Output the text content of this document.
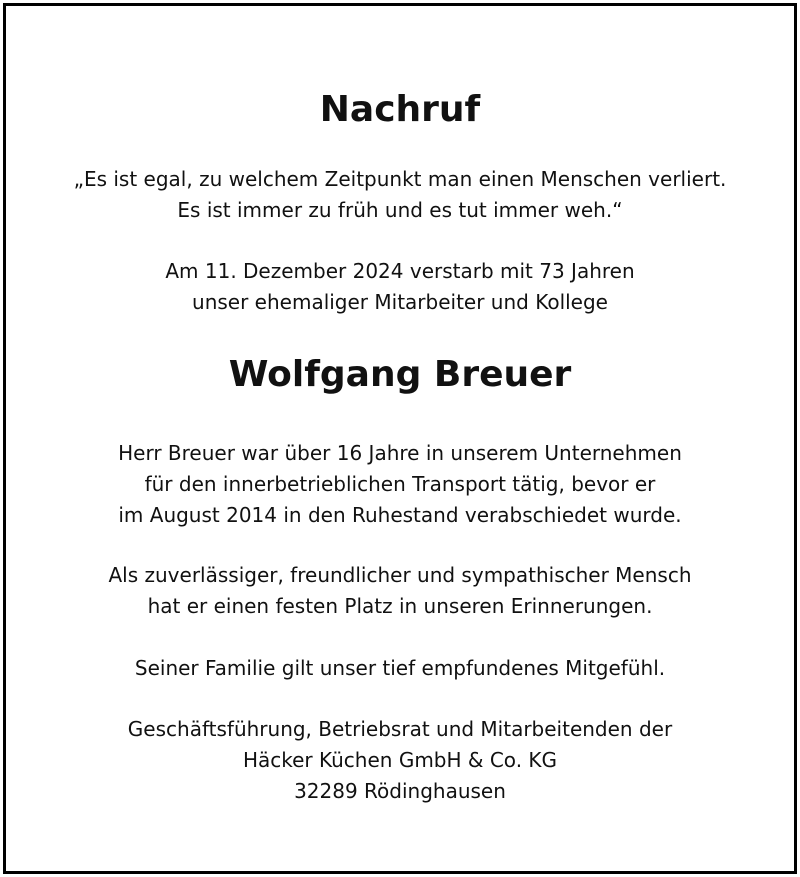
Nachruf

„Es ist egal, zu welchem Zeitpunkt man einen Menschen verliert.
Es ist immer zu früh und es tut immer weh.“

Am 11. Dezember 2024 verstarb mit 73 Jahren
unser ehemaliger Mitarbeiter und Kollege

Wolfgang Breuer

Herr Breuer war über 16 Jahre in unserem Unternehmen
für den innerbetrieblichen Transport tätig, bevor er
im August 2014 in den Ruhestand verabschiedet wurde.

Als zuverlässiger, freundlicher und sympathischer Mensch
hat er einen festen Platz in unseren Erinnerungen.

Seiner Familie gilt unser tief empfundenes Mitgefühl.

Geschäftsführung, Betriebsrat und Mitarbeitenden der
Häcker Küchen GmbH & Co. KG
32289 Rödinghausen
